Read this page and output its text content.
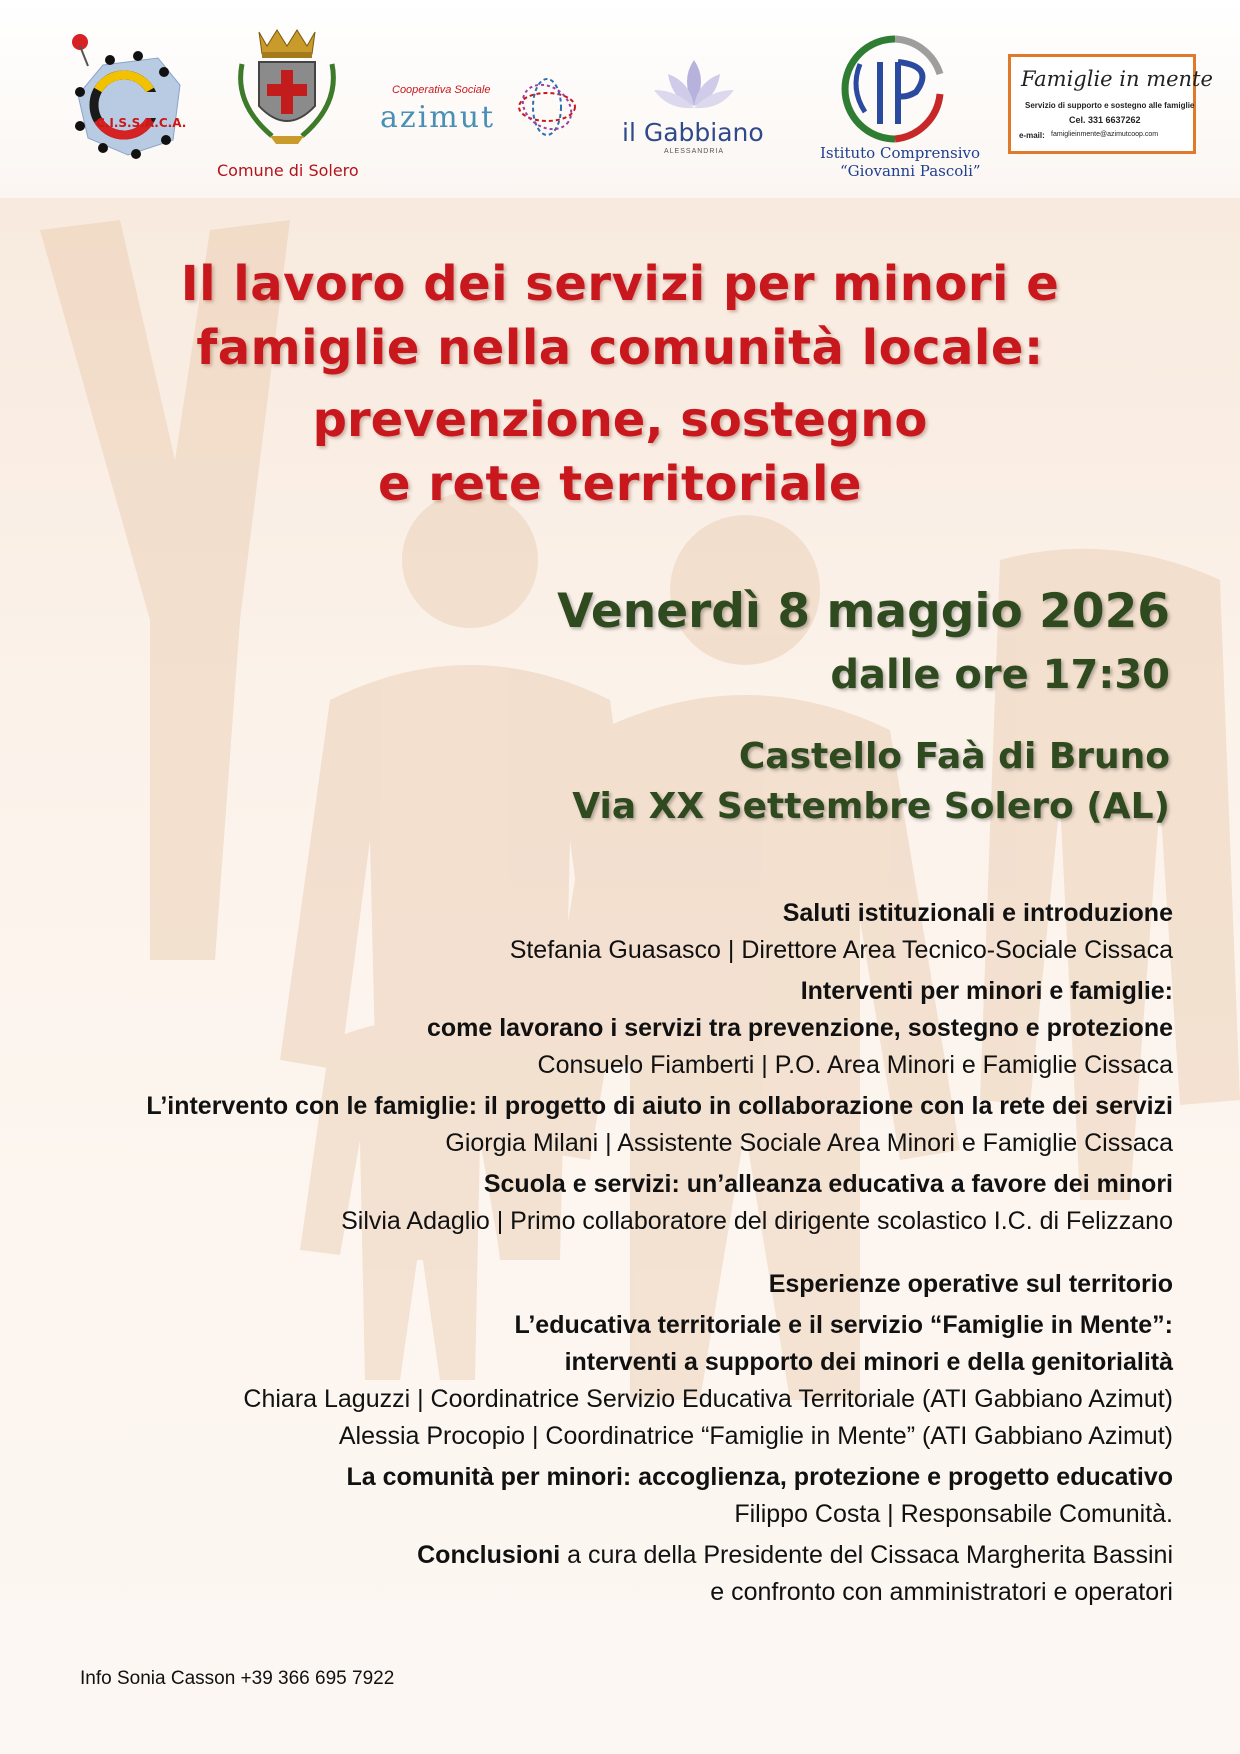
C.I.S.S.A.C.A.
Comune di Solero
Cooperativa Sociale
azimut	il Gabbiano
ALESSANDRIA	Istituto Comprensivo
“Giovanni Pascoli”
Famiglie in mente
Servizio di supporto e sostegno alle famiglie
Cel. 331 6637262
e-mail: famiglieinmente@azimutcoop.com
Il lavoro dei servizi per minori e
famiglie nella comunità locale:
prevenzione, sostegno
e rete territoriale
Venerdì 8 maggio 2026
dalle ore 17:30
Castello Faà di Bruno
Via XX Settembre Solero (AL)
Saluti istituzionali e introduzione
Stefania Guasasco | Direttore Area Tecnico-Sociale Cissaca
Interventi per minori e famiglie:
come lavorano i servizi tra prevenzione, sostegno e protezione
Consuelo Fiamberti | P.O. Area Minori e Famiglie Cissaca
L’intervento con le famiglie: il progetto di aiuto in collaborazione con la rete dei servizi
Giorgia Milani | Assistente Sociale Area Minori e Famiglie Cissaca
Scuola e servizi: un’alleanza educativa a favore dei minori
Silvia Adaglio | Primo collaboratore del dirigente scolastico I.C. di Felizzano
Esperienze operative sul territorio
L’educativa territoriale e il servizio “Famiglie in Mente”:
interventi a supporto dei minori e della genitorialità
Chiara Laguzzi | Coordinatrice Servizio Educativa Territoriale (ATI Gabbiano Azimut)
Alessia Procopio | Coordinatrice “Famiglie in Mente” (ATI Gabbiano Azimut)
La comunità per minori: accoglienza, protezione e progetto educativo
Filippo Costa | Responsabile Comunità.
Conclusioni a cura della Presidente del Cissaca Margherita Bassini
e confronto con amministratori e operatori
Info Sonia Casson +39 366 695 7922
